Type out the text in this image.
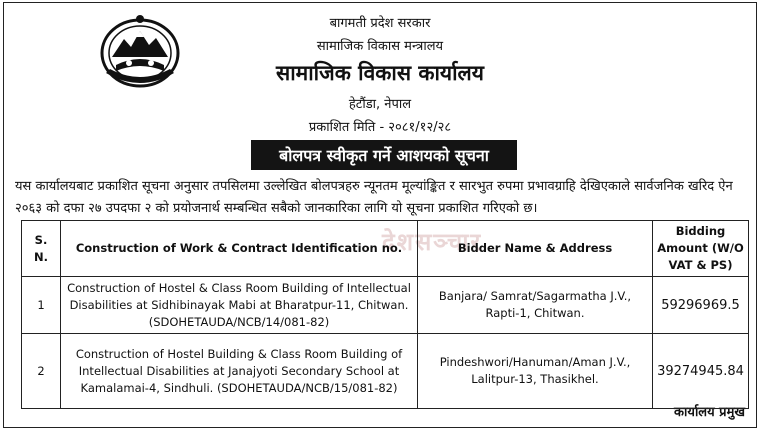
बागमती प्रदेश सरकार
सामाजिक विकास मन्त्रालय
सामाजिक विकास कार्यालय
हेटौंडा, नेपाल
प्रकाशित मिति - २०८१/१२/२८
बोलपत्र स्वीकृत गर्ने आशयको सूचना
यस कार्यालयबाट प्रकाशित सूचना अनुसार तपसिलमा उल्लेखित बोलपत्रहरु न्यूनतम मूल्यांङ्कित र सारभुत रुपमा प्रभावग्राहि देखिएकाले सार्वजनिक खरिद ऐन २०६३ को दफा २७ उपदफा २ को प्रयोजनार्थ सम्बन्धित सबैको जानकारिका लागि यो सूचना प्रकाशित गरिएको छ।
देशसञ्चार
S. N.	Construction of Work & Contract Identification no.	Bidder Name & Address	Bidding Amount (W/O VAT & PS)
1	Construction of Hostel & Class Room Building of Intellectual Disabilities at Sidhibinayak Mabi at Bharatpur-11, Chitwan. (SDOHETAUDA/NCB/14/081-82)	Banjara/ Samrat/Sagarmatha J.V., Rapti-1, Chitwan.	59296969.5
2	Construction of Hostel Building & Class Room Building of Intellectual Disabilities at Janajyoti Secondary School at Kamalamai-4, Sindhuli. (SDOHETAUDA/NCB/15/081-82)	Pindeshwori/Hanuman/Aman J.V., Lalitpur-13, Thasikhel.	39274945.84
कार्यालय प्रमुख
